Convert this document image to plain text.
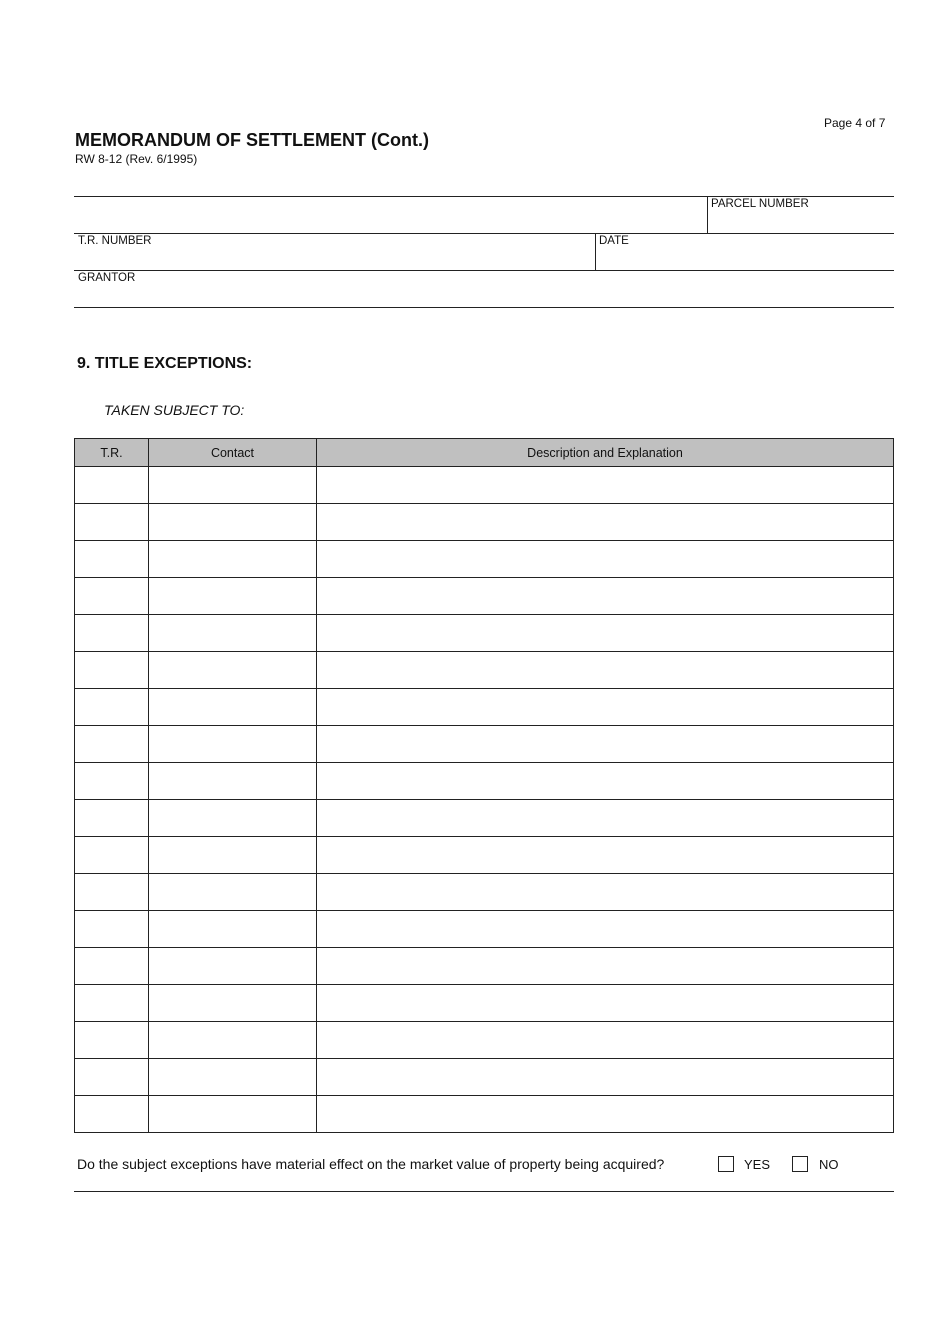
Page 4 of 7
MEMORANDUM OF SETTLEMENT (Cont.)
RW 8-12 (Rev. 6/1995)
PARCEL NUMBER
T.R. NUMBER	DATE
GRANTOR
9. TITLE EXCEPTIONS:
TAKEN SUBJECT TO:
T.R.	Contact	Description and Explanation

Do the subject exceptions have material effect on the market value of property being acquired?	YES	NO
